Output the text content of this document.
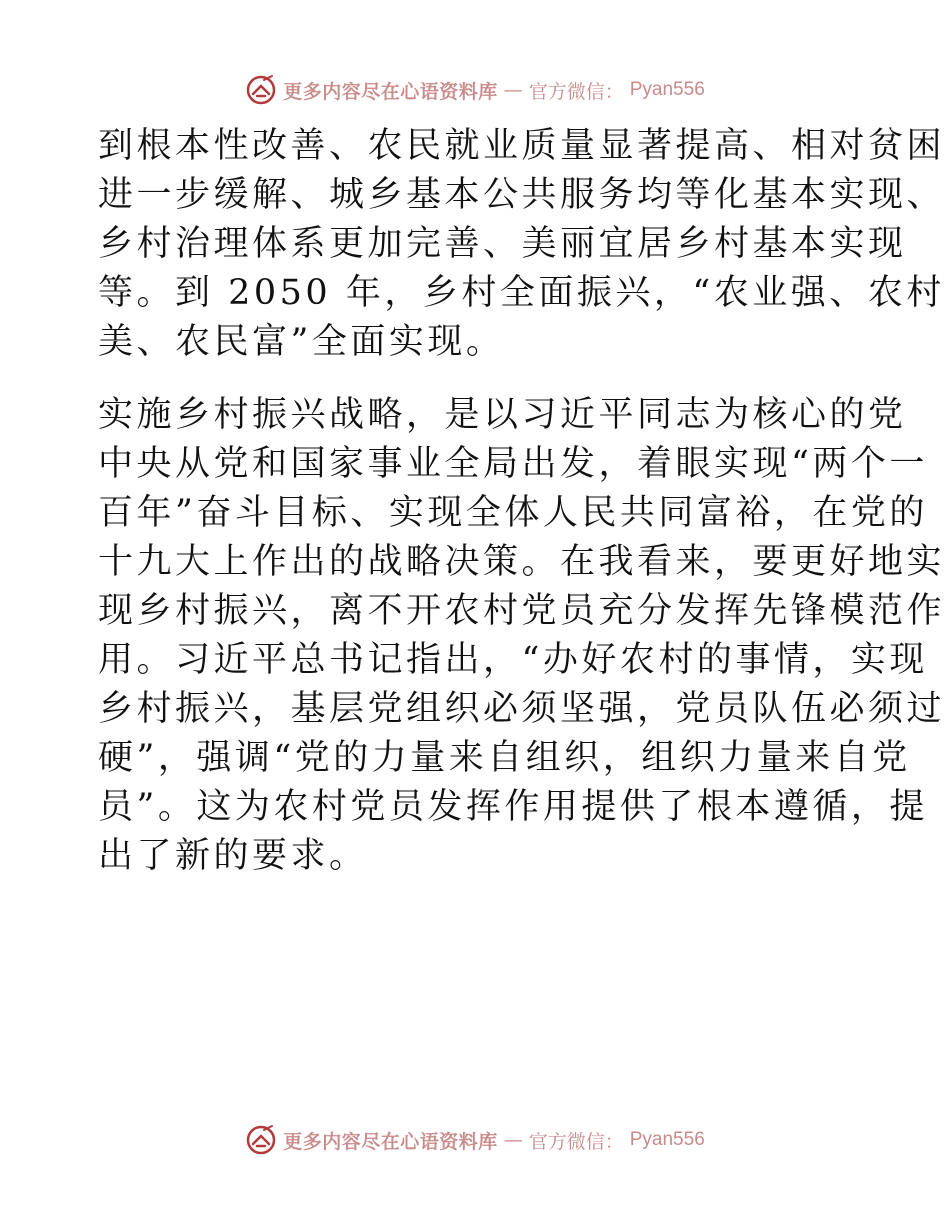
更多内容尽在心语资料库 — 官方微信： Pyan556

到根本性改善、农民就业质量显著提高、相对贫困
进一步缓解、城乡基本公共服务均等化基本实现、
乡村治理体系更加完善、美丽宜居乡村基本实现
等。到 2050 年，乡村全面振兴，“农业强、农村
美、农民富”全面实现。

实施乡村振兴战略，是以习近平同志为核心的党
中央从党和国家事业全局出发，着眼实现“两个一
百年”奋斗目标、实现全体人民共同富裕，在党的
十九大上作出的战略决策。在我看来，要更好地实
现乡村振兴，离不开农村党员充分发挥先锋模范作
用。习近平总书记指出，“办好农村的事情，实现
乡村振兴，基层党组织必须坚强，党员队伍必须过
硬”，强调“党的力量来自组织，组织力量来自党
员”。这为农村党员发挥作用提供了根本遵循，提
出了新的要求。

更多内容尽在心语资料库 — 官方微信： Pyan556
